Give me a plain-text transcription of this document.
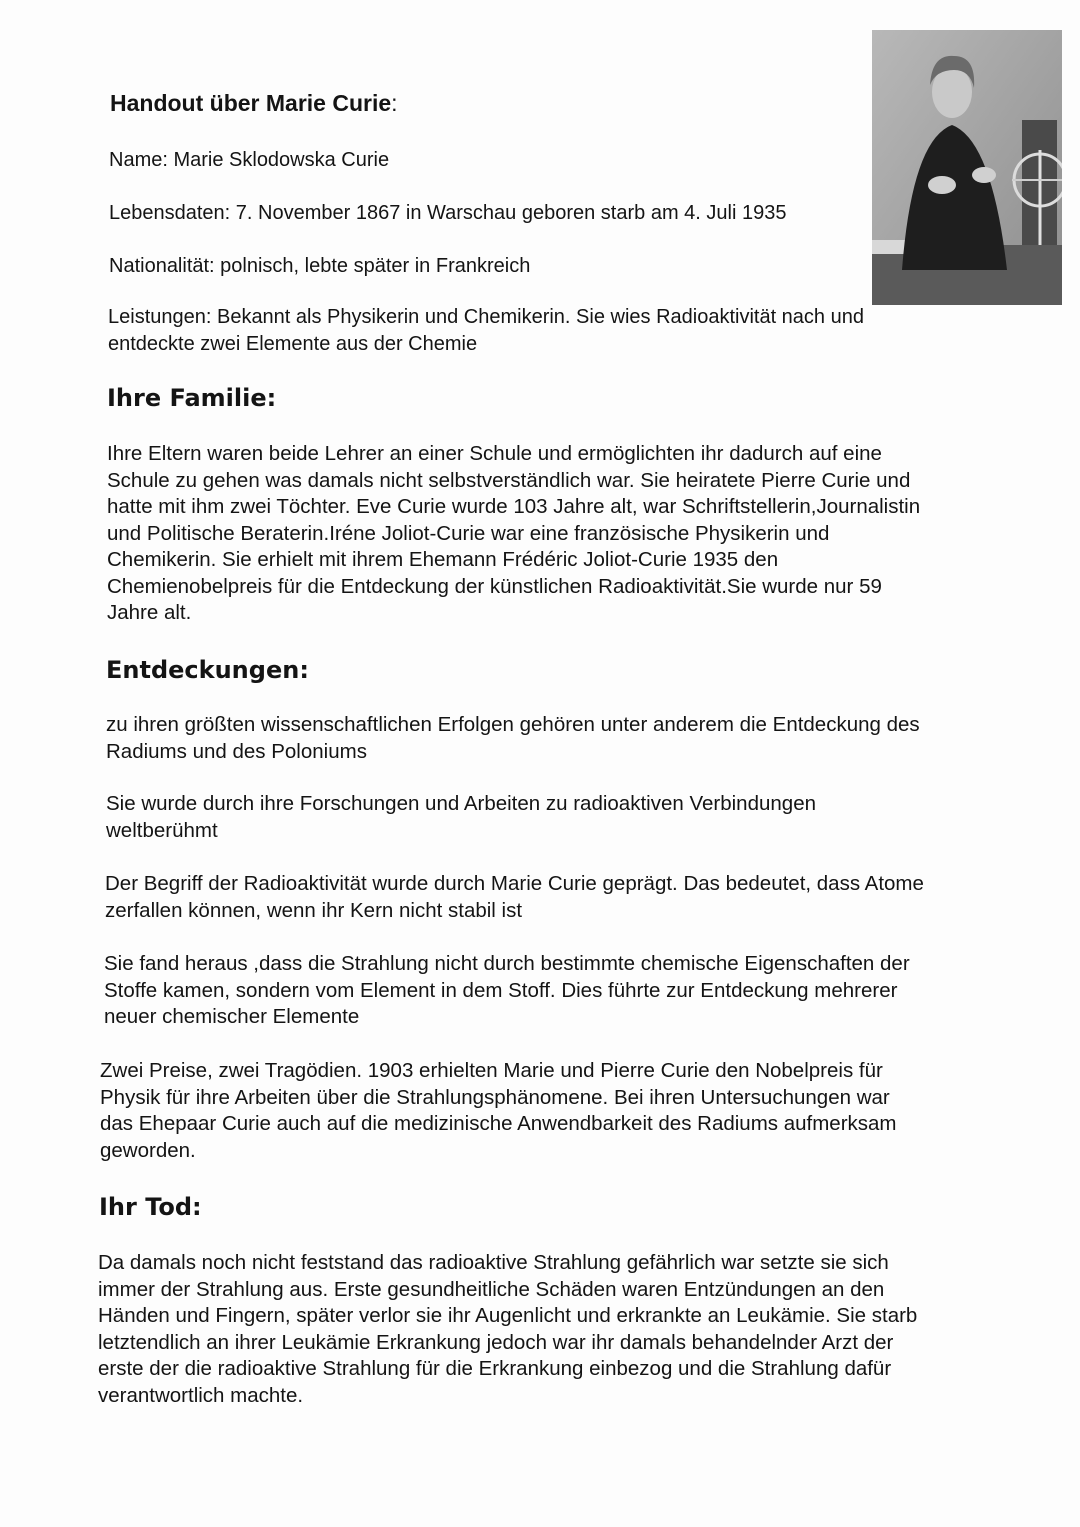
Handout über Marie Curie:
Name: Marie Sklodowska Curie
Lebensdaten: 7. November 1867 in Warschau geboren starb am 4. Juli 1935
Nationalität: polnisch, lebte später in Frankreich
Leistungen: Bekannt als Physikerin und Chemikerin. Sie wies Radioaktivität nach und
entdeckte zwei Elemente aus der Chemie
Ihre Familie:
Ihre Eltern waren beide Lehrer an einer Schule und ermöglichten ihr dadurch auf eine
Schule zu gehen was damals nicht selbstverständlich war. Sie heiratete Pierre Curie und
hatte mit ihm zwei Töchter. Eve Curie wurde 103 Jahre alt, war Schriftstellerin,Journalistin
und Politische Beraterin.Iréne Joliot-Curie war eine französische Physikerin und
Chemikerin. Sie erhielt mit ihrem Ehemann Frédéric Joliot-Curie 1935 den
Chemienobelpreis für die Entdeckung der künstlichen Radioaktivität.Sie wurde nur 59
Jahre alt.
Entdeckungen:
zu ihren größten wissenschaftlichen Erfolgen gehören unter anderem die Entdeckung des
Radiums und des Poloniums
Sie wurde durch ihre Forschungen und Arbeiten zu radioaktiven Verbindungen
weltberühmt
Der Begriff der Radioaktivität wurde durch Marie Curie geprägt. Das bedeutet, dass Atome
zerfallen können, wenn ihr Kern nicht stabil ist
Sie fand heraus ,dass die Strahlung nicht durch bestimmte chemische Eigenschaften der
Stoffe kamen, sondern vom Element in dem Stoff. Dies führte zur Entdeckung mehrerer
neuer chemischer Elemente
Zwei Preise, zwei Tragödien. 1903 erhielten Marie und Pierre Curie den Nobelpreis für
Physik für ihre Arbeiten über die Strahlungsphänomene. Bei ihren Untersuchungen war
das Ehepaar Curie auch auf die medizinische Anwendbarkeit des Radiums aufmerksam
geworden.
Ihr Tod:
Da damals noch nicht feststand das radioaktive Strahlung gefährlich war setzte sie sich
immer der Strahlung aus. Erste gesundheitliche Schäden waren Entzündungen an den
Händen und Fingern, später verlor sie ihr Augenlicht und erkrankte an Leukämie. Sie starb
letztendlich an ihrer Leukämie Erkrankung jedoch war ihr damals behandelnder Arzt der
erste der die radioaktive Strahlung für die Erkrankung einbezog und die Strahlung dafür
verantwortlich machte.
